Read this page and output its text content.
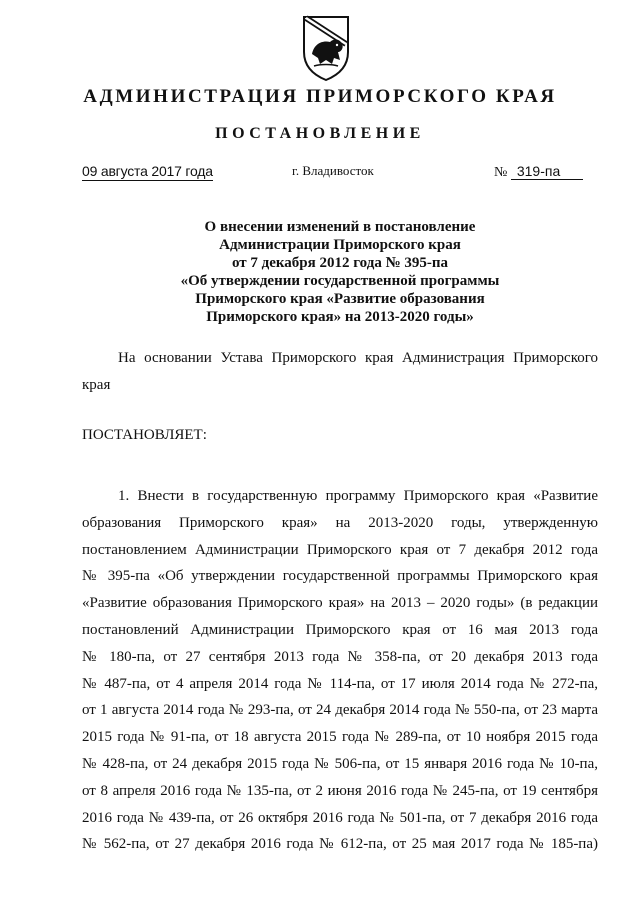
АДМИНИСТРАЦИЯ ПРИМОРСКОГО КРАЯ
ПОСТАНОВЛЕНИЕ
09 августа 2017 года	г. Владивосток	№ 319-па
О внесении изменений в постановление
Администрации Приморского края
от 7 декабря 2012 года № 395-па
«Об утверждении государственной программы
Приморского края «Развитие образования
Приморского края» на 2013-2020 годы»

На основании Устава Приморского края Администрация Приморского края

ПОСТАНОВЛЯЕТ:

1. Внести в государственную программу Приморского края «Развитие
образования Приморского края» на 2013-2020 годы, утвержденную
постановлением Администрации Приморского края от 7 декабря 2012 года
№ 395-па «Об утверждении государственной программы Приморского края
«Развитие образования Приморского края» на 2013 – 2020 годы» (в редакции
постановлений Администрации Приморского края от 16 мая 2013 года
№ 180-па, от 27 сентября 2013 года № 358-па, от 20 декабря 2013 года
№ 487-па, от 4 апреля 2014 года № 114-па, от 17 июля 2014 года № 272-па,
от 1 августа 2014 года № 293-па, от 24 декабря 2014 года № 550-па, от 23 марта
2015 года № 91-па, от 18 августа 2015 года № 289-па, от 10 ноября 2015 года
№ 428-па, от 24 декабря 2015 года № 506-па, от 15 января 2016 года № 10-па,
от 8 апреля 2016 года № 135-па, от 2 июня 2016 года № 245-па, от 19 сентября
2016 года № 439-па, от 26 октября 2016 года № 501-па, от 7 декабря 2016 года
№ 562-па, от 27 декабря 2016 года № 612-па, от 25 мая 2017 года № 185-па)
